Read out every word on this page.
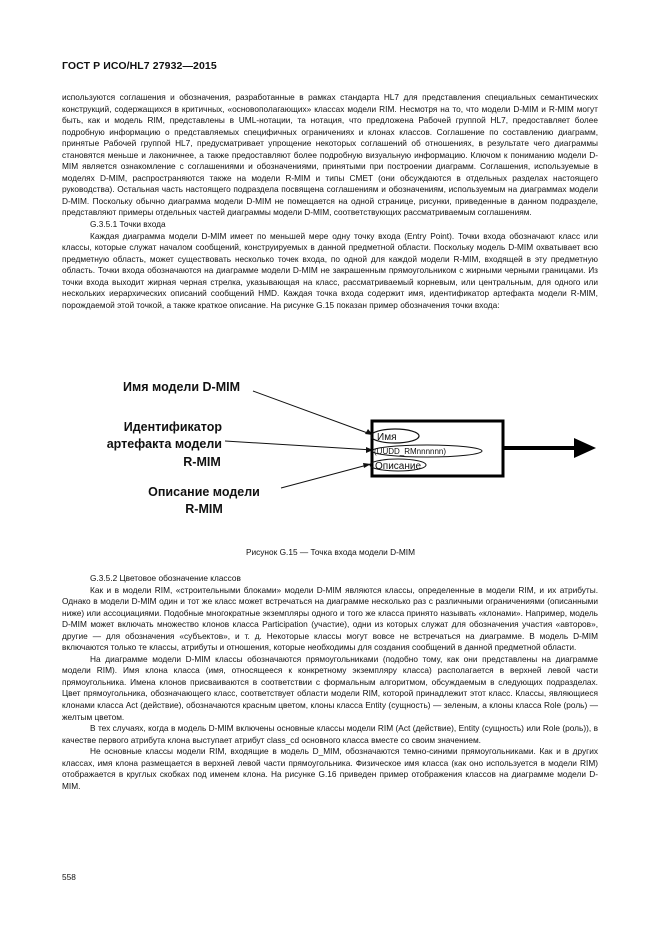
ГОСТ Р ИСО/HL7 27932—2015

используются соглашения и обозначения, разработанные в рамках стандарта HL7 для представления специальных семантических конструкций, содержащихся в критичных, «основополагающих» классах модели RIM. Несмотря на то, что модели D-MIM и R-MIM могут быть, как и модель RIM, представлены в UML-нотации, та нотация, что предложена Рабочей группой HL7, предоставляет более подробную информацию о представляемых специфичных ограничениях и клонах классов. Соглашение по составлению диаграмм, принятые Рабочей группой HL7, предусматривает упрощение некоторых соглашений об отношениях, в результате чего диаграммы становятся меньше и лаконичнее, а также предоставляют более подробную визуальную информацию. Ключом к пониманию модели D-MIM является ознакомление с соглашениями и обозначениями, принятыми при построении диаграмм. Соглашения, используемые в моделях D-MIM, распространяются также на модели R-MIM и типы CMET (они обсуждаются в отдельных разделах настоящего руководства). Остальная часть настоящего подраздела посвящена соглашениям и обозначениям, используемым на диаграммах модели D-MIM. Поскольку обычно диаграмма модели D-MIM не помещается на одной странице, рисунки, приведенные в данном подразделе, представляют примеры отдельных частей диаграммы модели D-MIM, соответствующих рассматриваемым соглашениям.

G.3.5.1 Точки входа

Каждая диаграмма модели D-MIM имеет по меньшей мере одну точку входа (Entry Point). Точки входа обозначают класс или классы, которые служат началом сообщений, конструируемых в данной предметной области. Поскольку модель D-MIM охватывает всю предметную область, может существовать несколько точек входа, по одной для каждой модели R-MIM, входящей в эту предметную область. Точки входа обозначаются на диаграмме модели D-MIM не закрашенным прямоугольником с жирными черными границами. Из точки входа выходит жирная черная стрелка, указывающая на класс, рассматриваемый корневым, или центральным, для одного или нескольких иерархических описаний сообщений HMD. Каждая точка входа содержит имя, идентификатор артефакта модели R-MIM, порождаемой этой точкой, а также краткое описание. На рисунке G.15 показан пример обозначения точки входа:

Имя модели D-MIM
Идентификатор
артефакта модели
R-MIM
Описание модели
R-MIM
Имя
(UUDD_RMnnnnnn)
Описание
Рисунок G.15 — Точка входа модели D-MIM

G.3.5.2 Цветовое обозначение классов

Как и в модели RIM, «строительными блоками» модели D-MIM являются классы, определенные в модели RIM, и их атрибуты. Однако в модели D-MIM один и тот же класс может встречаться на диаграмме несколько раз с различными ограничениями (описанными ниже) или ассоциациями. Подобные многократные экземпляры одного и того же класса принято называть «клонами». Например, модель D-MIM может включать множество клонов класса Participation (участие), одни из которых служат для обозначения участия «авторов», другие — для обозначения «субъектов», и т. д. Некоторые классы могут вовсе не встречаться на диаграмме. В модель D-MIM включаются только те классы, атрибуты и отношения, которые необходимы для создания сообщений в данной предметной области.

На диаграмме модели D-MIM классы обозначаются прямоугольниками (подобно тому, как они представлены на диаграмме модели RIM). Имя клона класса (имя, относящееся к конкретному экземпляру класса) располагается в верхней левой части прямоугольника. Имена клонов присваиваются в соответствии с формальным алгоритмом, обсуждаемым в следующих подразделах. Цвет прямоугольника, обозначающего класс, соответствует области модели RIM, которой принадлежит этот класс. Классы, являющиеся клонами класса Act (действие), обозначаются красным цветом, клоны класса Entity (сущность) — зеленым, а клоны класса Role (роль) — желтым цветом.

В тех случаях, когда в модель D-MIM включены основные классы модели RIM (Act (действие), Entity (сущность) или Role (роль)), в качестве первого атрибута клона выступает атрибут class_cd основного класса вместе со своим значением.

Не основные классы модели RIM, входящие в модель D_MIM, обозначаются темно-синими прямоугольниками. Как и в других классах, имя клона размещается в верхней левой части прямоугольника. Физическое имя класса (как оно используется в модели RIM) отображается в круглых скобках под именем клона. На рисунке G.16 приведен пример отображения классов на диаграмме модели D-MIM.

558
